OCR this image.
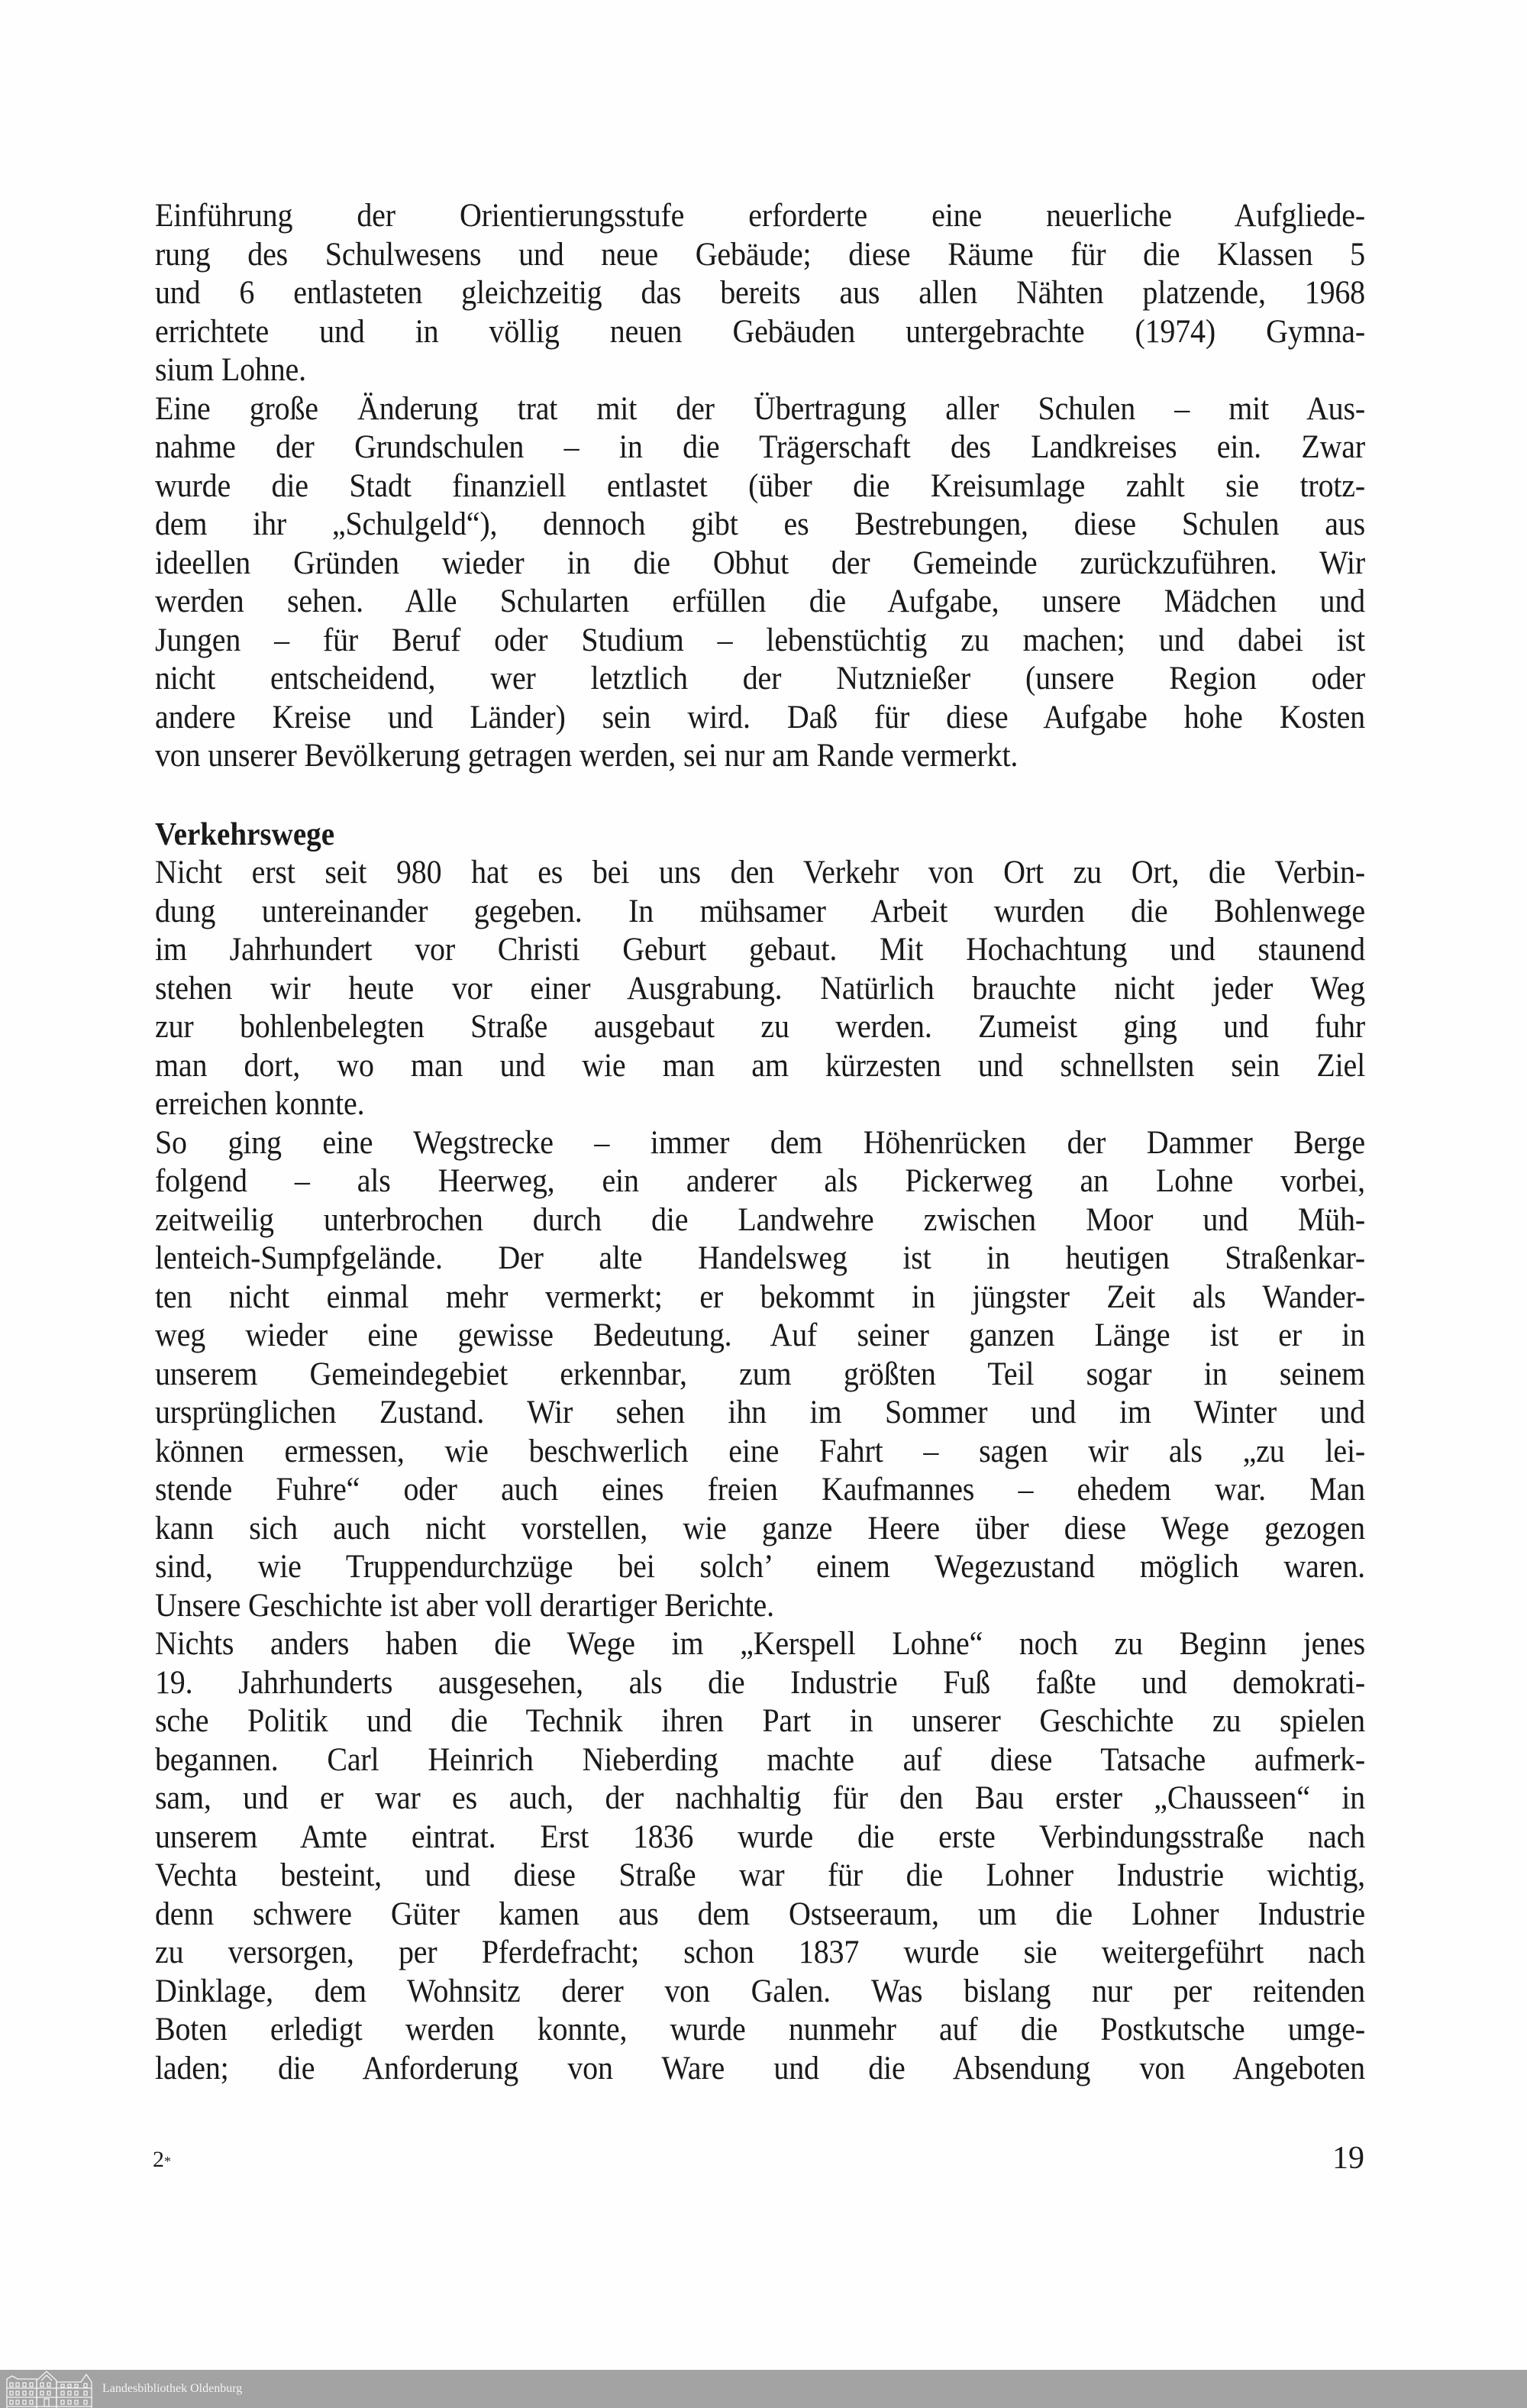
Einführung der Orientierungsstufe erforderte eine neuerliche Aufgliede-
rung des Schulwesens und neue Gebäude; diese Räume für die Klassen 5
und 6 entlasteten gleichzeitig das bereits aus allen Nähten platzende, 1968
errichtete und in völlig neuen Gebäuden untergebrachte (1974) Gymna-
sium Lohne.
Eine große Änderung trat mit der Übertragung aller Schulen – mit Aus-
nahme der Grundschulen – in die Trägerschaft des Landkreises ein. Zwar
wurde die Stadt finanziell entlastet (über die Kreisumlage zahlt sie trotz-
dem ihr „Schulgeld“), dennoch gibt es Bestrebungen, diese Schulen aus
ideellen Gründen wieder in die Obhut der Gemeinde zurückzuführen. Wir
werden sehen. Alle Schularten erfüllen die Aufgabe, unsere Mädchen und
Jungen – für Beruf oder Studium – lebenstüchtig zu machen; und dabei ist
nicht entscheidend, wer letztlich der Nutznießer (unsere Region oder
andere Kreise und Länder) sein wird. Daß für diese Aufgabe hohe Kosten
von unserer Bevölkerung getragen werden, sei nur am Rande vermerkt.
Verkehrswege
Nicht erst seit 980 hat es bei uns den Verkehr von Ort zu Ort, die Verbin-
dung untereinander gegeben. In mühsamer Arbeit wurden die Bohlenwege
im Jahrhundert vor Christi Geburt gebaut. Mit Hochachtung und staunend
stehen wir heute vor einer Ausgrabung. Natürlich brauchte nicht jeder Weg
zur bohlenbelegten Straße ausgebaut zu werden. Zumeist ging und fuhr
man dort, wo man und wie man am kürzesten und schnellsten sein Ziel
erreichen konnte.
So ging eine Wegstrecke – immer dem Höhenrücken der Dammer Berge
folgend – als Heerweg, ein anderer als Pickerweg an Lohne vorbei,
zeitweilig unterbrochen durch die Landwehre zwischen Moor und Müh-
lenteich-Sumpfgelände. Der alte Handelsweg ist in heutigen Straßenkar-
ten nicht einmal mehr vermerkt; er bekommt in jüngster Zeit als Wander-
weg wieder eine gewisse Bedeutung. Auf seiner ganzen Länge ist er in
unserem Gemeindegebiet erkennbar, zum größten Teil sogar in seinem
ursprünglichen Zustand. Wir sehen ihn im Sommer und im Winter und
können ermessen, wie beschwerlich eine Fahrt – sagen wir als „zu lei-
stende Fuhre“ oder auch eines freien Kaufmannes – ehedem war. Man
kann sich auch nicht vorstellen, wie ganze Heere über diese Wege gezogen
sind, wie Truppendurchzüge bei solch’ einem Wegezustand möglich waren.
Unsere Geschichte ist aber voll derartiger Berichte.
Nichts anders haben die Wege im „Kerspell Lohne“ noch zu Beginn jenes
19. Jahrhunderts ausgesehen, als die Industrie Fuß faßte und demokrati-
sche Politik und die Technik ihren Part in unserer Geschichte zu spielen
begannen. Carl Heinrich Nieberding machte auf diese Tatsache aufmerk-
sam, und er war es auch, der nachhaltig für den Bau erster „Chausseen“ in
unserem Amte eintrat. Erst 1836 wurde die erste Verbindungsstraße nach
Vechta besteint, und diese Straße war für die Lohner Industrie wichtig,
denn schwere Güter kamen aus dem Ostseeraum, um die Lohner Industrie
zu versorgen, per Pferdefracht; schon 1837 wurde sie weitergeführt nach
Dinklage, dem Wohnsitz derer von Galen. Was bislang nur per reitenden
Boten erledigt werden konnte, wurde nunmehr auf die Postkutsche umge-
laden; die Anforderung von Ware und die Absendung von Angeboten
2*	19
Landesbibliothek Oldenburg
